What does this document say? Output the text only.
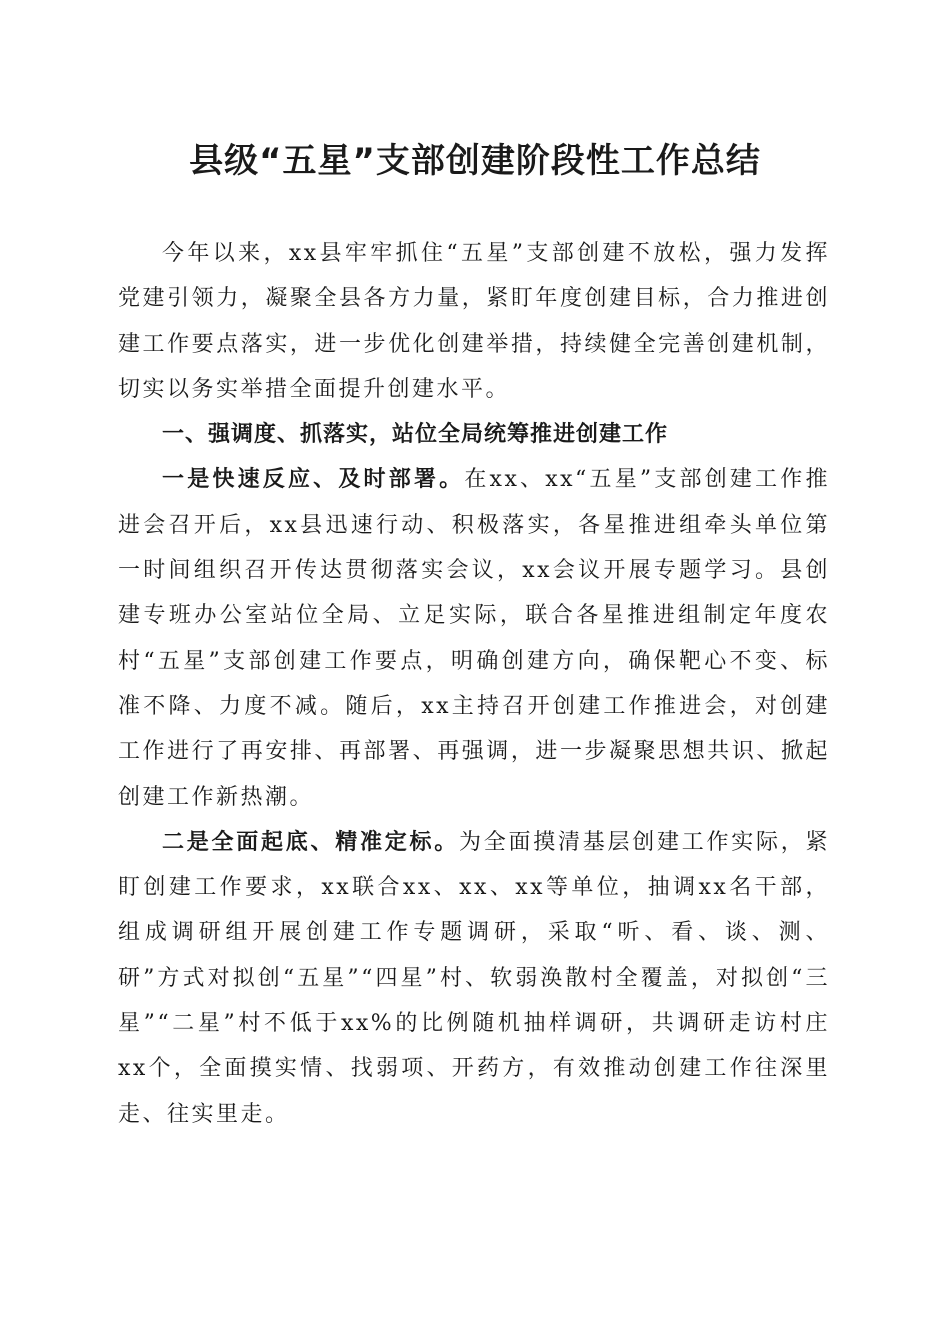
县级“五星”支部创建阶段性工作总结

今年以来，xx县牢牢抓住“五星”支部创建不放松，强力发挥党建引领力，凝聚全县各方力量，紧盯年度创建目标，合力推进创建工作要点落实，进一步优化创建举措，持续健全完善创建机制，切实以务实举措全面提升创建水平。

一、强调度、抓落实，站位全局统筹推进创建工作

一是快速反应、及时部署。在xx、xx“五星”支部创建工作推进会召开后，xx县迅速行动、积极落实，各星推进组牵头单位第一时间组织召开传达贯彻落实会议，xx会议开展专题学习。县创建专班办公室站位全局、立足实际，联合各星推进组制定年度农村“五星”支部创建工作要点，明确创建方向，确保靶心不变、标准不降、力度不减。随后，xx主持召开创建工作推进会，对创建工作进行了再安排、再部署、再强调，进一步凝聚思想共识、掀起创建工作新热潮。

二是全面起底、精准定标。为全面摸清基层创建工作实际，紧盯创建工作要求，xx联合xx、xx、xx等单位，抽调xx名干部，组成调研组开展创建工作专题调研，采取“听、看、谈、测、研”方式对拟创“五星”“四星”村、软弱涣散村全覆盖，对拟创“三星”“二星”村不低于xx%的比例随机抽样调研，共调研走访村庄xx个，全面摸实情、找弱项、开药方，有效推动创建工作往深里走、往实里走。
